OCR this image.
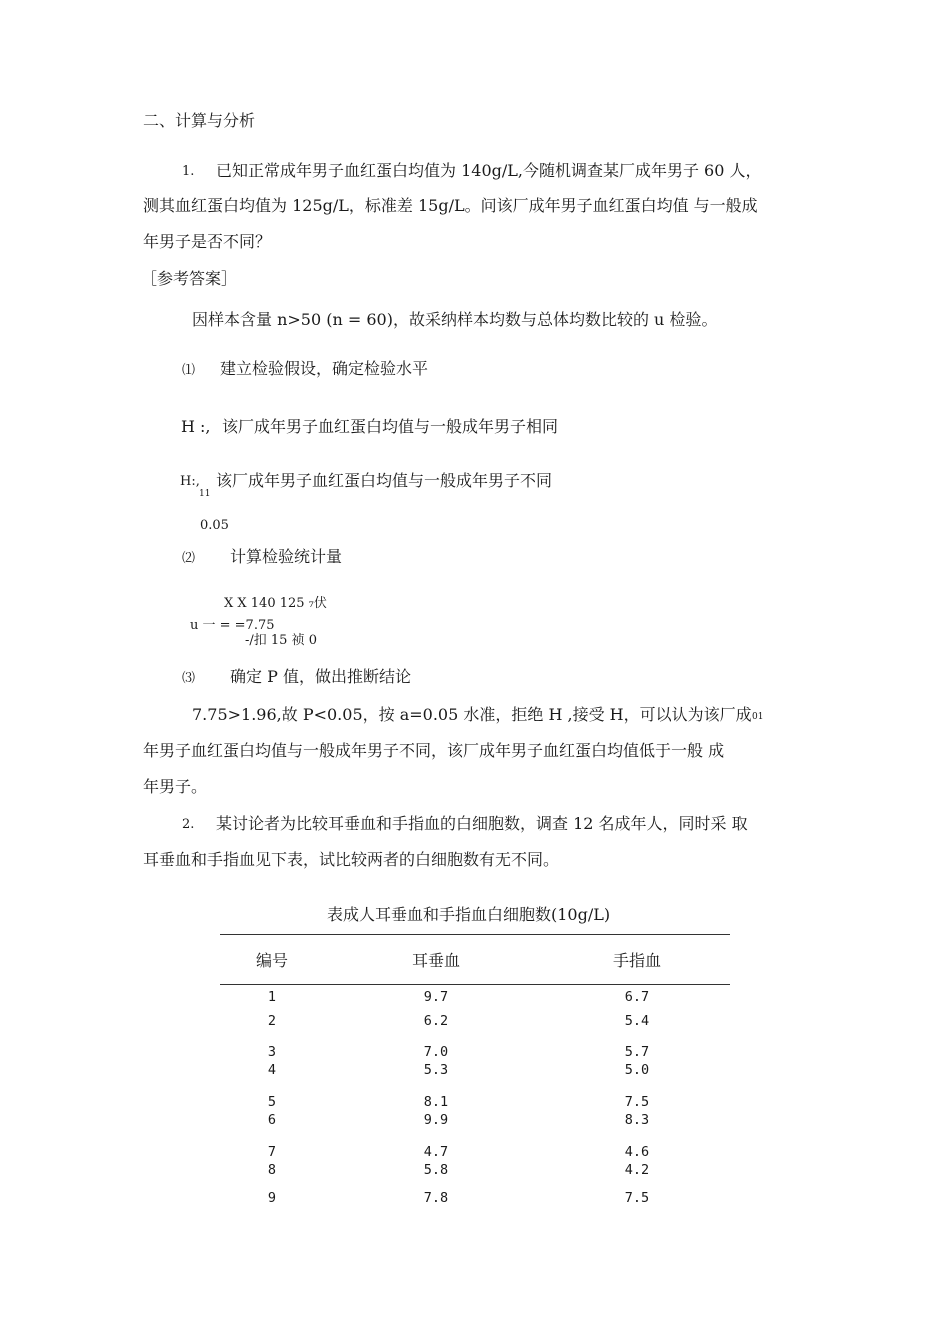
二、计算与分析
1. 已知正常成年男子血红蛋白均值为 140g/L,今随机调查某厂成年男子 60 人，
测其血红蛋白均值为 125g/L，标准差 15g/L。问该厂成年男子血红蛋白均值 与一般成
年男子是否不同？
［参考答案］
因样本含量 n>50 (n = 60)，故采纳样本均数与总体均数比较的 u 检验。
⑴ 建立检验假设，确定检验水平
H :, 该厂成年男子血红蛋白均值与一般成年男子相同
H:,
11
该厂成年男子血红蛋白均值与一般成年男子不同
0.05
⑵ 计算检验统计量
X X 140 125 ₇伏
u 一 = =7.75
-/扣 15 祯 0
⑶ 确定 P 值，做出推断结论
7.75>1.96,故 P<0.05，按 a=0.05 水准，拒绝 H ,接受 H，可以认为该厂成 01
年男子血红蛋白均值与一般成年男子不同，该厂成年男子血红蛋白均值低于一般 成
年男子。
2. 某讨论者为比较耳垂血和手指血的白细胞数，调查 12 名成年人，同时采 取
耳垂血和手指血见下表，试比较两者的白细胞数有无不同。
表成人耳垂血和手指血白细胞数(10g/L)
编号	耳垂血	手指血
1	9.7	6.7
2	6.2	5.4
3	7.0	5.7
4	5.3	5.0
5	8.1	7.5
6	9.9	8.3
7	4.7	4.6
8	5.8	4.2
9	7.8	7.5
